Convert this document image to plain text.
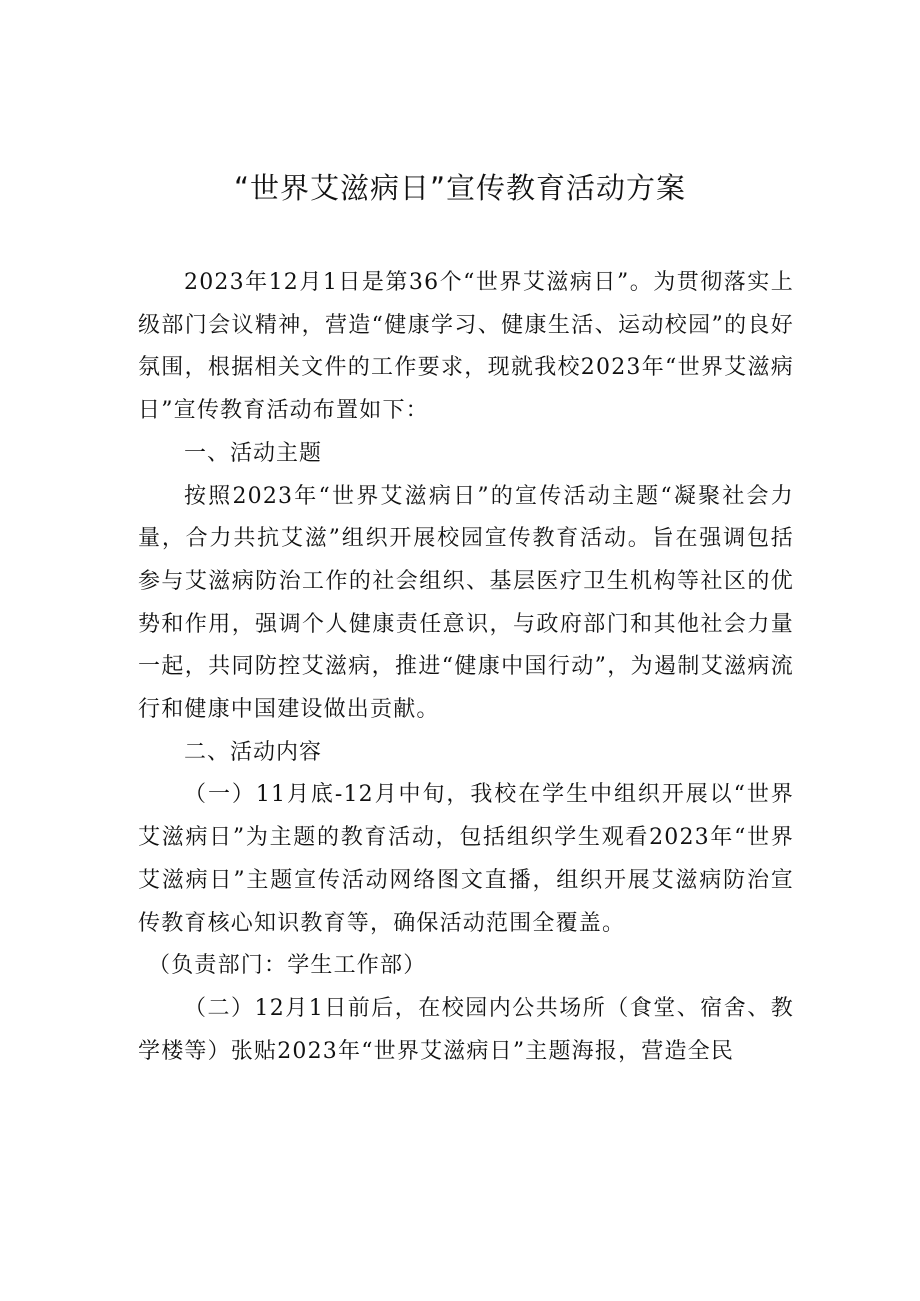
“世界艾滋病日”宣传教育活动方案

2023年12月1日是第36个“世界艾滋病日”。为贯彻落实上级部门会议精神，营造“健康学习、健康生活、运动校园”的良好氛围，根据相关文件的工作要求，现就我校2023年“世界艾滋病日”宣传教育活动布置如下：

一、活动主题

按照2023年“世界艾滋病日”的宣传活动主题“凝聚社会力量，合力共抗艾滋”组织开展校园宣传教育活动。旨在强调包括参与艾滋病防治工作的社会组织、基层医疗卫生机构等社区的优势和作用，强调个人健康责任意识，与政府部门和其他社会力量一起，共同防控艾滋病，推进“健康中国行动”，为遏制艾滋病流行和健康中国建设做出贡献。

二、活动内容

（一）11月底-12月中旬，我校在学生中组织开展以“世界艾滋病日”为主题的教育活动，包括组织学生观看2023年“世界艾滋病日”主题宣传活动网络图文直播，组织开展艾滋病防治宣传教育核心知识教育等，确保活动范围全覆盖。

（负责部门：学生工作部）

（二）12月1日前后，在校园内公共场所（食堂、宿舍、教学楼等）张贴2023年“世界艾滋病日”主题海报，营造全民
